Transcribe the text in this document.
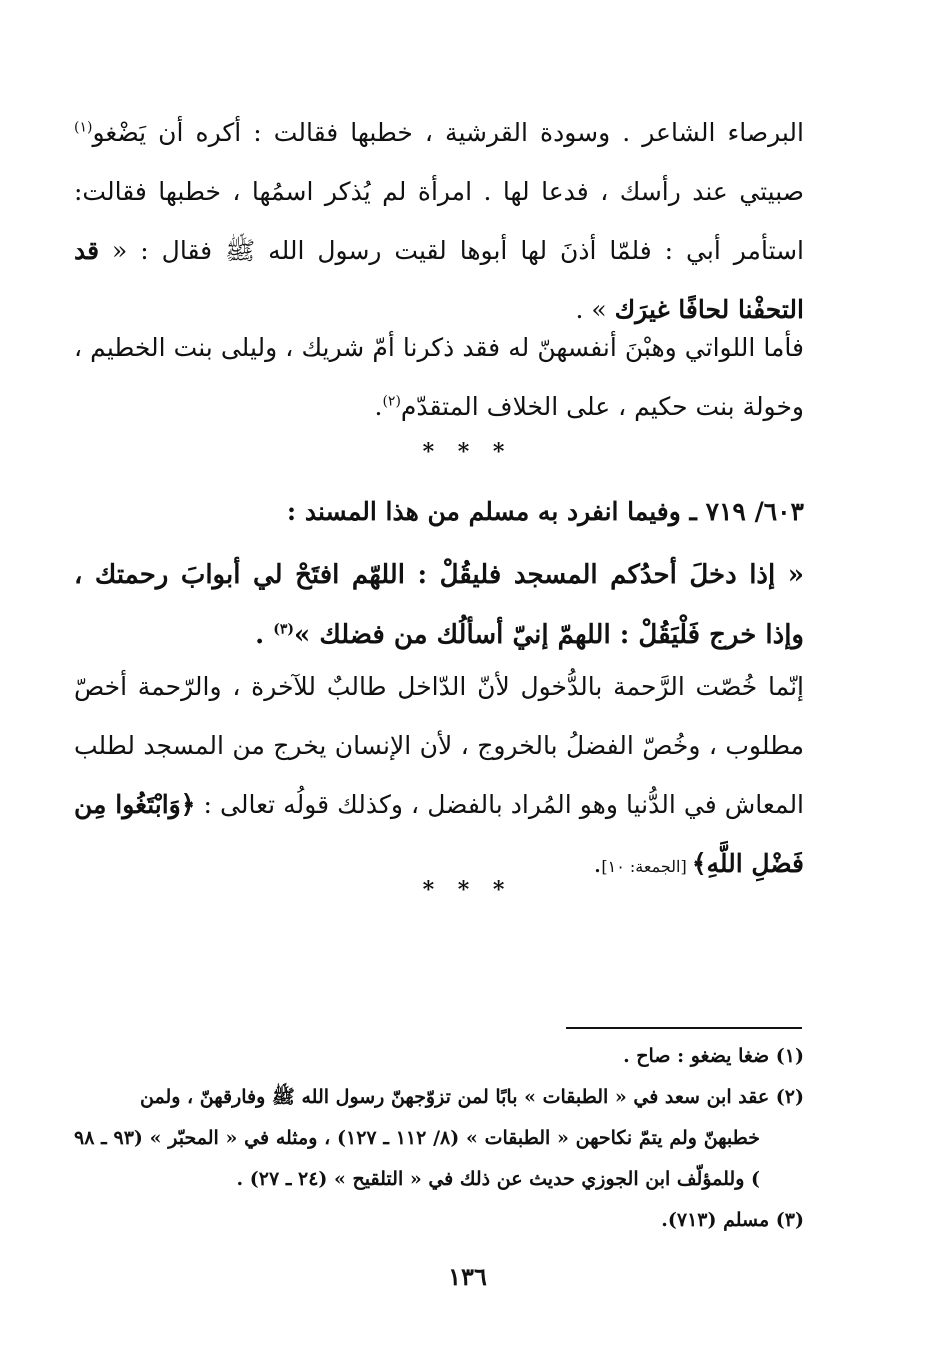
البرصاء الشاعر . وسودة القرشية ، خطبها فقالت : أكره أن يَضْغو$^{(١)}$ صبيتي عند رأسك ، فدعا لها . امرأة لم يُذكر اسمُها ، خطبها فقالت: استأمر أبي : فلمّا أذنَ لها أبوها لقيت رسول الله ﷺ فقال : « قد التحفْنا لحافًا غيرَك » .

فأما اللواتي وهبْنَ أنفسهنّ له فقد ذكرنا أمّ شريك ، وليلى بنت الخطيم ، وخولة بنت حكيم ، على الخلاف المتقدّم$^{(٢)}$.

* * *
٦٠٣/ ٧١٩ ـ وفيما انفرد به مسلم من هذا المسند :

« إذا دخلَ أحدُكم المسجد فليقُلْ : اللهّم افتَحْ لي أبوابَ رحمتك ، وإذا خرج فَلْيَقُلْ : اللهمّ إنيّ أسألُك من فضلك »$^{(٣)}$ .

إنّما خُصّت الرَّحمة بالدُّخول لأنّ الدّاخل طالبٌ للآخرة ، والرّحمة أخصّ مطلوب ، وخُصّ الفضلُ بالخروج ، لأن الإنسان يخرج من المسجد لطلب المعاش في الدُّنيا وهو المُراد بالفضل ، وكذلك قولُه تعالى : ﴿وَابْتَغُوا مِن فَضْلِ اللَّهِ﴾ [الجمعة: ١٠].

* * *

(١) ضغا يضغو : صاح .

(٢) عقد ابن سعد في « الطبقات » بابًا لمن تزوّجهنّ رسول الله ﷺ وفارقهنّ ، ولمن

خطبهنّ ولم يتمّ نكاحهن « الطبقات » (٨/ ١١٢ ـ ١٢٧) ، ومثله في « المحبّر » (٩٣ ـ ٩٨ ) وللمؤلّف ابن الجوزي حديث عن ذلك في « التلقيح » (٢٤ ـ ٢٧) .

(٣) مسلم (٧١٣).

١٣٦
